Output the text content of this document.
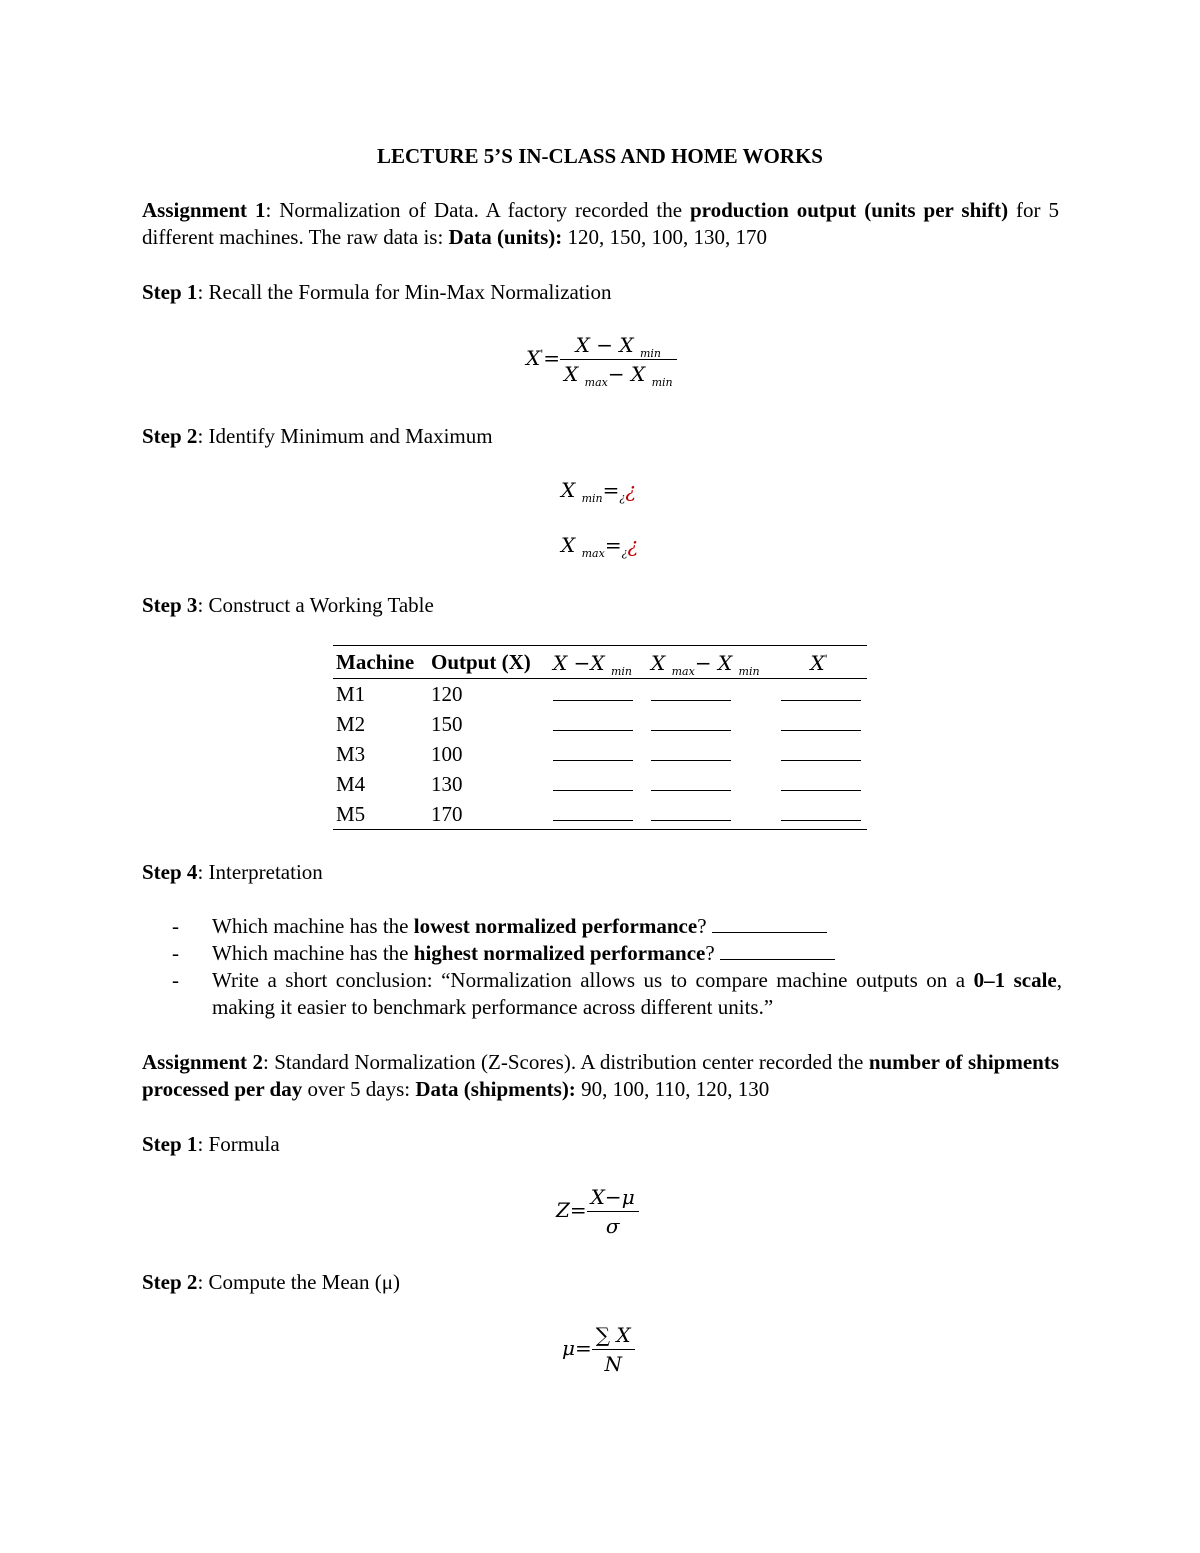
LECTURE 5’S IN-CLASS AND HOME WORKS
Assignment 1: Normalization of Data. A factory recorded the production output (units per shift) for 5 different machines. The raw data is: Data (units): 120, 150, 100, 130, 170
Step 1: Recall the Formula for Min-Max Normalization
$X'= \frac{X - X _{min}}{X _{max}- X _{min}}$
Step 2: Identify Minimum and Maximum
X $_{min}=_¿¿$
X $_{max}=_¿¿$
Step 3: Construct a Working Table
Machine	Output (X)	X −X $_{min}$	X $_{max}$− X $_{min}$	X'
M1	120			
M2	150			
M3	100			
M4	130			
M5	170			
Step 4: Interpretation
- Which machine has the lowest normalized performance?
- Which machine has the highest normalized performance?
- Write a short conclusion: “Normalization allows us to compare machine outputs on a 0–1 scale, making it easier to benchmark performance across different units.”
Assignment 2: Standard Normalization (Z-Scores). A distribution center recorded the number of shipments processed per day over 5 days: Data (shipments): 90, 100, 110, 120, 130
Step 1: Formula
$Z= \frac{X-\mu}{\sigma}$
Step 2: Compute the Mean (μ)
$\mu= \frac{\sum X}{N}$
